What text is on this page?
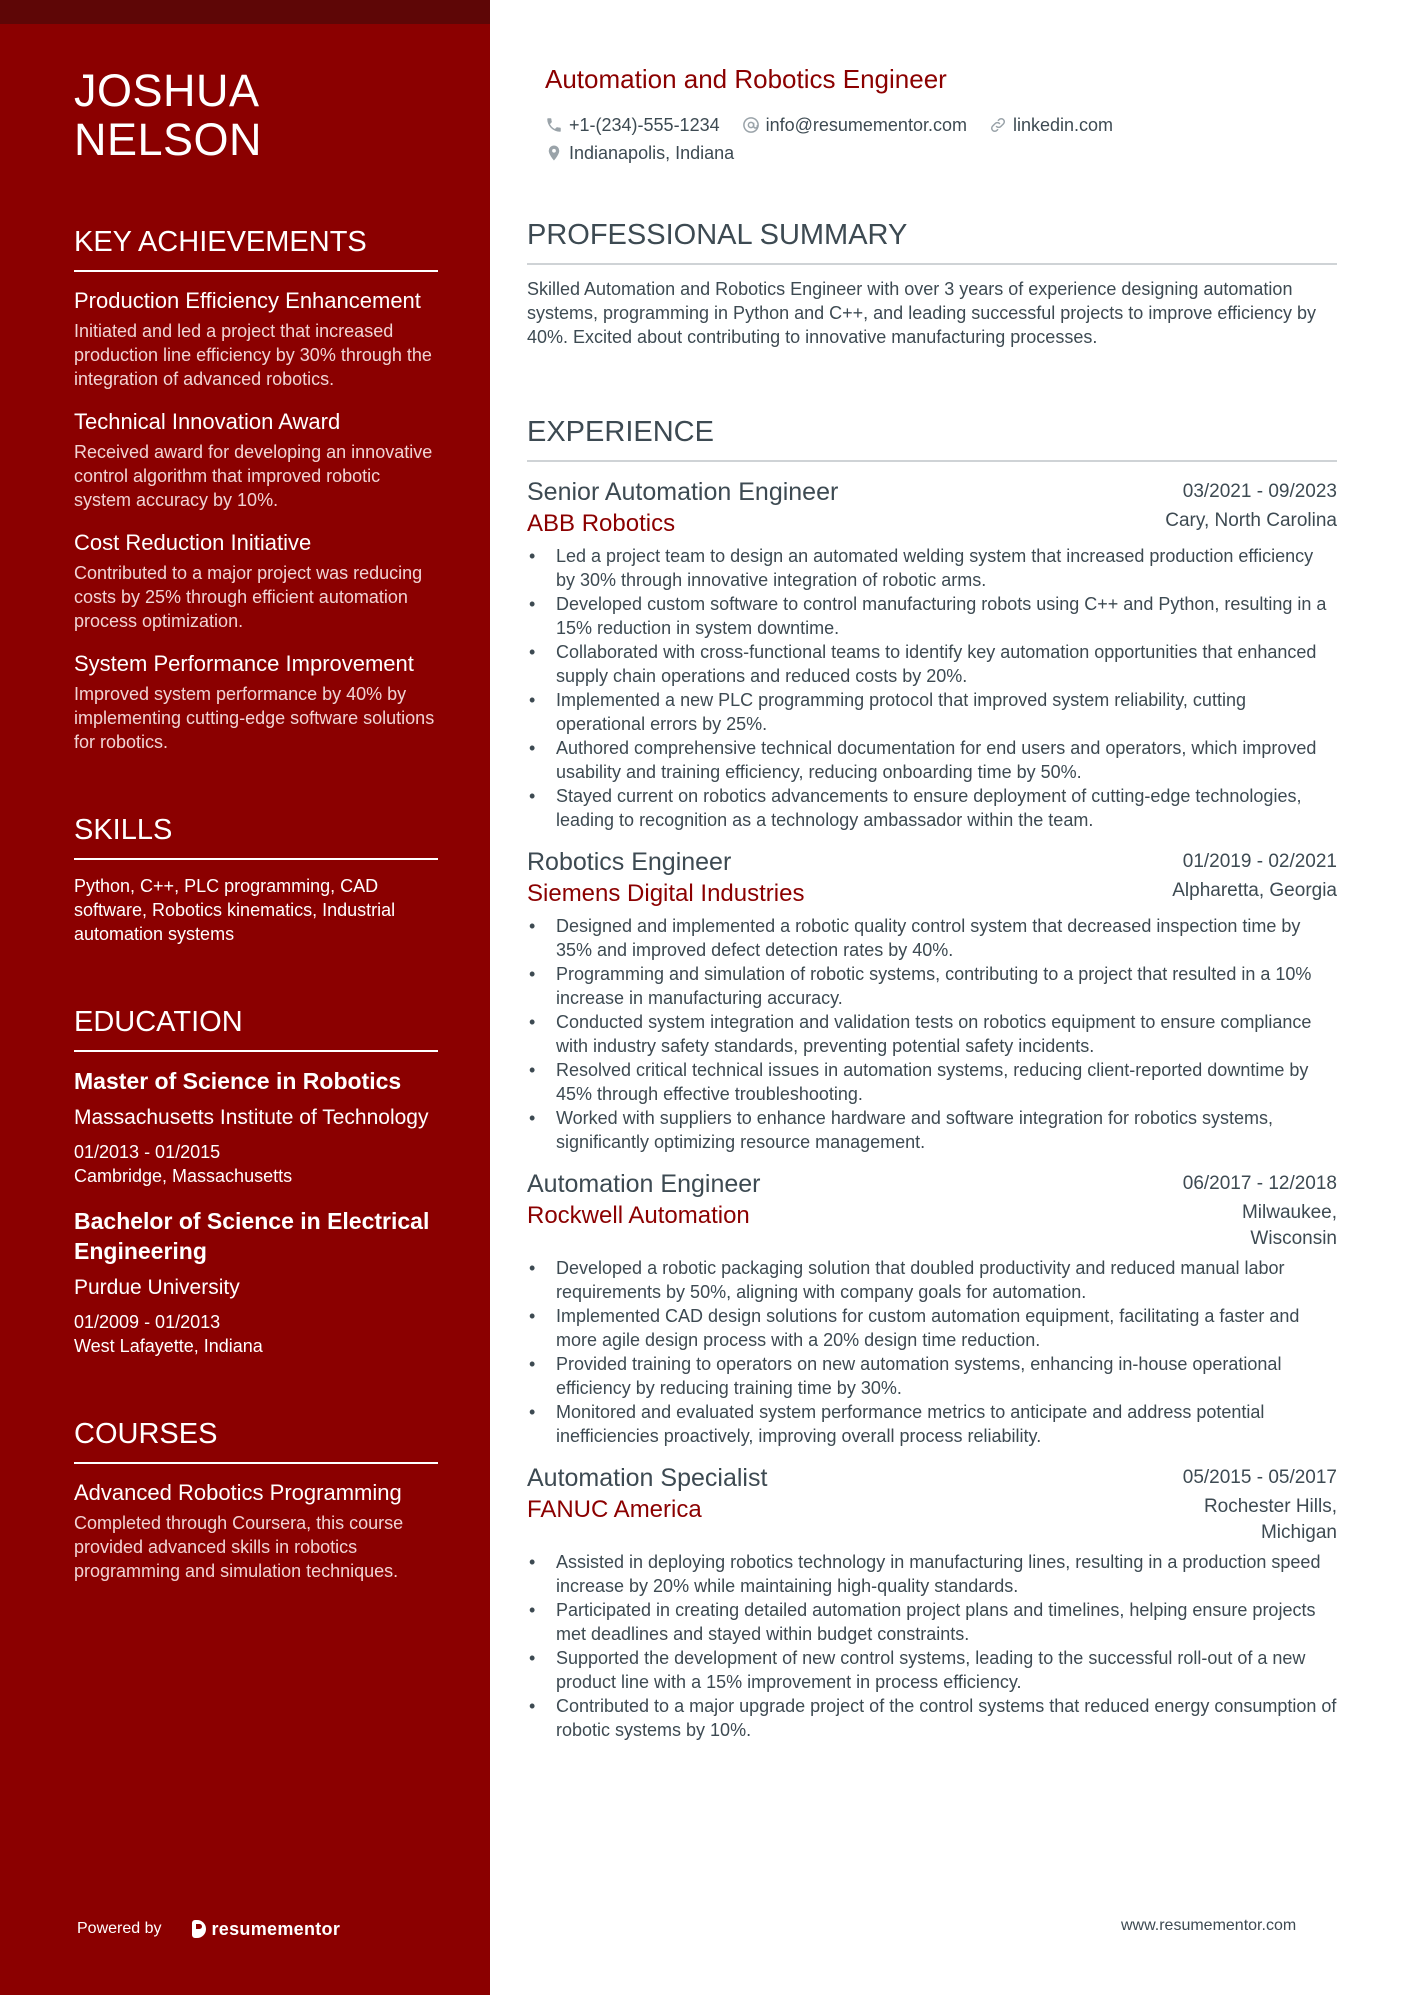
JOSHUA
NELSON
KEY ACHIEVEMENTS
Production Efficiency Enhancement
Initiated and led a project that increased production line efficiency by 30% through the integration of advanced robotics.
Technical Innovation Award
Received award for developing an innovative control algorithm that improved robotic system accuracy by 10%.
Cost Reduction Initiative
Contributed to a major project was reducing costs by 25% through efficient automation process optimization.
System Performance Improvement
Improved system performance by 40% by implementing cutting-edge software solutions for robotics.
SKILLS
Python, C++, PLC programming, CAD software, Robotics kinematics, Industrial automation systems
EDUCATION
Master of Science in Robotics
Massachusetts Institute of Technology
01/2013 - 01/2015
Cambridge, Massachusetts
Bachelor of Science in Electrical Engineering
Purdue University
01/2009 - 01/2013
West Lafayette, Indiana
COURSES
Advanced Robotics Programming
Completed through Coursera, this course provided advanced skills in robotics programming and simulation techniques.
Powered by	resumementor
Automation and Robotics Engineer
+1-(234)-555-1234	info@resumementor.com	linkedin.com
Indianapolis, Indiana
PROFESSIONAL SUMMARY
Skilled Automation and Robotics Engineer with over 3 years of experience designing automation systems, programming in Python and C++, and leading successful projects to improve efficiency by 40%. Excited about contributing to innovative manufacturing processes.
EXPERIENCE
Senior Automation Engineer	03/2021 - 09/2023
ABB Robotics	Cary, North Carolina
• Led a project team to design an automated welding system that increased production efficiency by 30% through innovative integration of robotic arms.
• Developed custom software to control manufacturing robots using C++ and Python, resulting in a 15% reduction in system downtime.
• Collaborated with cross-functional teams to identify key automation opportunities that enhanced supply chain operations and reduced costs by 20%.
• Implemented a new PLC programming protocol that improved system reliability, cutting operational errors by 25%.
• Authored comprehensive technical documentation for end users and operators, which improved usability and training efficiency, reducing onboarding time by 50%.
• Stayed current on robotics advancements to ensure deployment of cutting-edge technologies, leading to recognition as a technology ambassador within the team.
Robotics Engineer	01/2019 - 02/2021
Siemens Digital Industries	Alpharetta, Georgia
• Designed and implemented a robotic quality control system that decreased inspection time by 35% and improved defect detection rates by 40%.
• Programming and simulation of robotic systems, contributing to a project that resulted in a 10% increase in manufacturing accuracy.
• Conducted system integration and validation tests on robotics equipment to ensure compliance with industry safety standards, preventing potential safety incidents.
• Resolved critical technical issues in automation systems, reducing client-reported downtime by 45% through effective troubleshooting.
• Worked with suppliers to enhance hardware and software integration for robotics systems, significantly optimizing resource management.
Automation Engineer	06/2017 - 12/2018
Rockwell Automation	Milwaukee, Wisconsin
• Developed a robotic packaging solution that doubled productivity and reduced manual labor requirements by 50%, aligning with company goals for automation.
• Implemented CAD design solutions for custom automation equipment, facilitating a faster and more agile design process with a 20% design time reduction.
• Provided training to operators on new automation systems, enhancing in-house operational efficiency by reducing training time by 30%.
• Monitored and evaluated system performance metrics to anticipate and address potential inefficiencies proactively, improving overall process reliability.
Automation Specialist	05/2015 - 05/2017
FANUC America	Rochester Hills, Michigan
• Assisted in deploying robotics technology in manufacturing lines, resulting in a production speed increase by 20% while maintaining high-quality standards.
• Participated in creating detailed automation project plans and timelines, helping ensure projects met deadlines and stayed within budget constraints.
• Supported the development of new control systems, leading to the successful roll-out of a new product line with a 15% improvement in process efficiency.
• Contributed to a major upgrade project of the control systems that reduced energy consumption of robotic systems by 10%.
www.resumementor.com
